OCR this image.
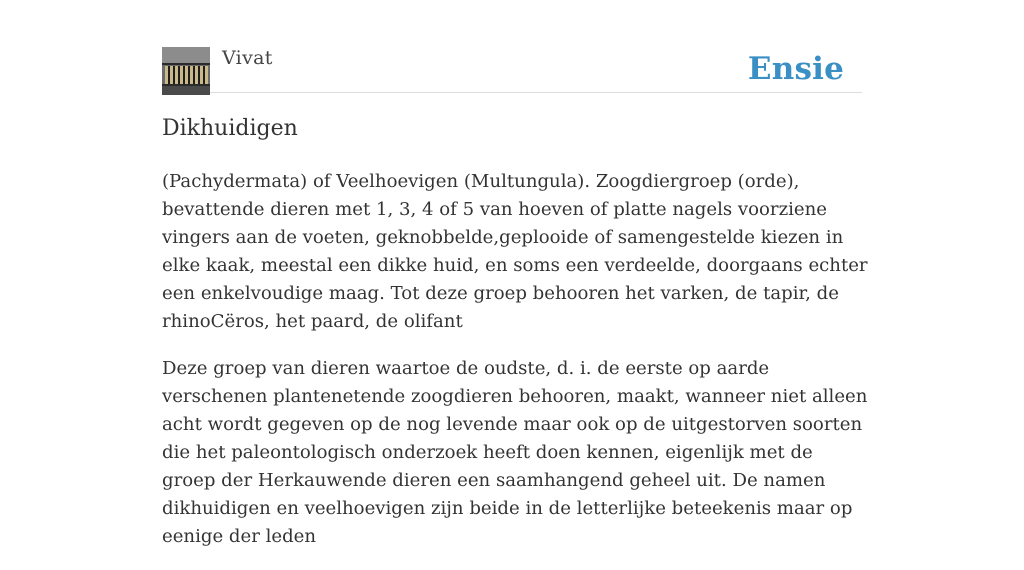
Vivat	Ensie
Dikhuidigen

(Pachydermata) of Veelhoevigen (Multungula). Zoogdiergroep (orde), bevattende dieren met 1, 3, 4 of 5 van hoeven of platte nagels voorziene vingers aan de voeten, geknobbelde,geplooide of samengestelde kiezen in elke kaak, meestal een dikke huid, en soms een verdeelde, doorgaans echter een enkelvoudige maag. Tot deze groep behooren het varken, de tapir, de rhinoCëros, het paard, de olifant

Deze groep van dieren waartoe de oudste, d. i. de eerste op aarde verschenen plantenetende zoogdieren behooren, maakt, wanneer niet alleen acht wordt gegeven op de nog levende maar ook op de uitgestorven soorten die het paleontologisch onderzoek heeft doen kennen, eigenlijk met de groep der Herkauwende dieren een saamhangend geheel uit. De namen dikhuidigen en veelhoevigen zijn beide in de letterlijke beteekenis maar op eenige der leden
